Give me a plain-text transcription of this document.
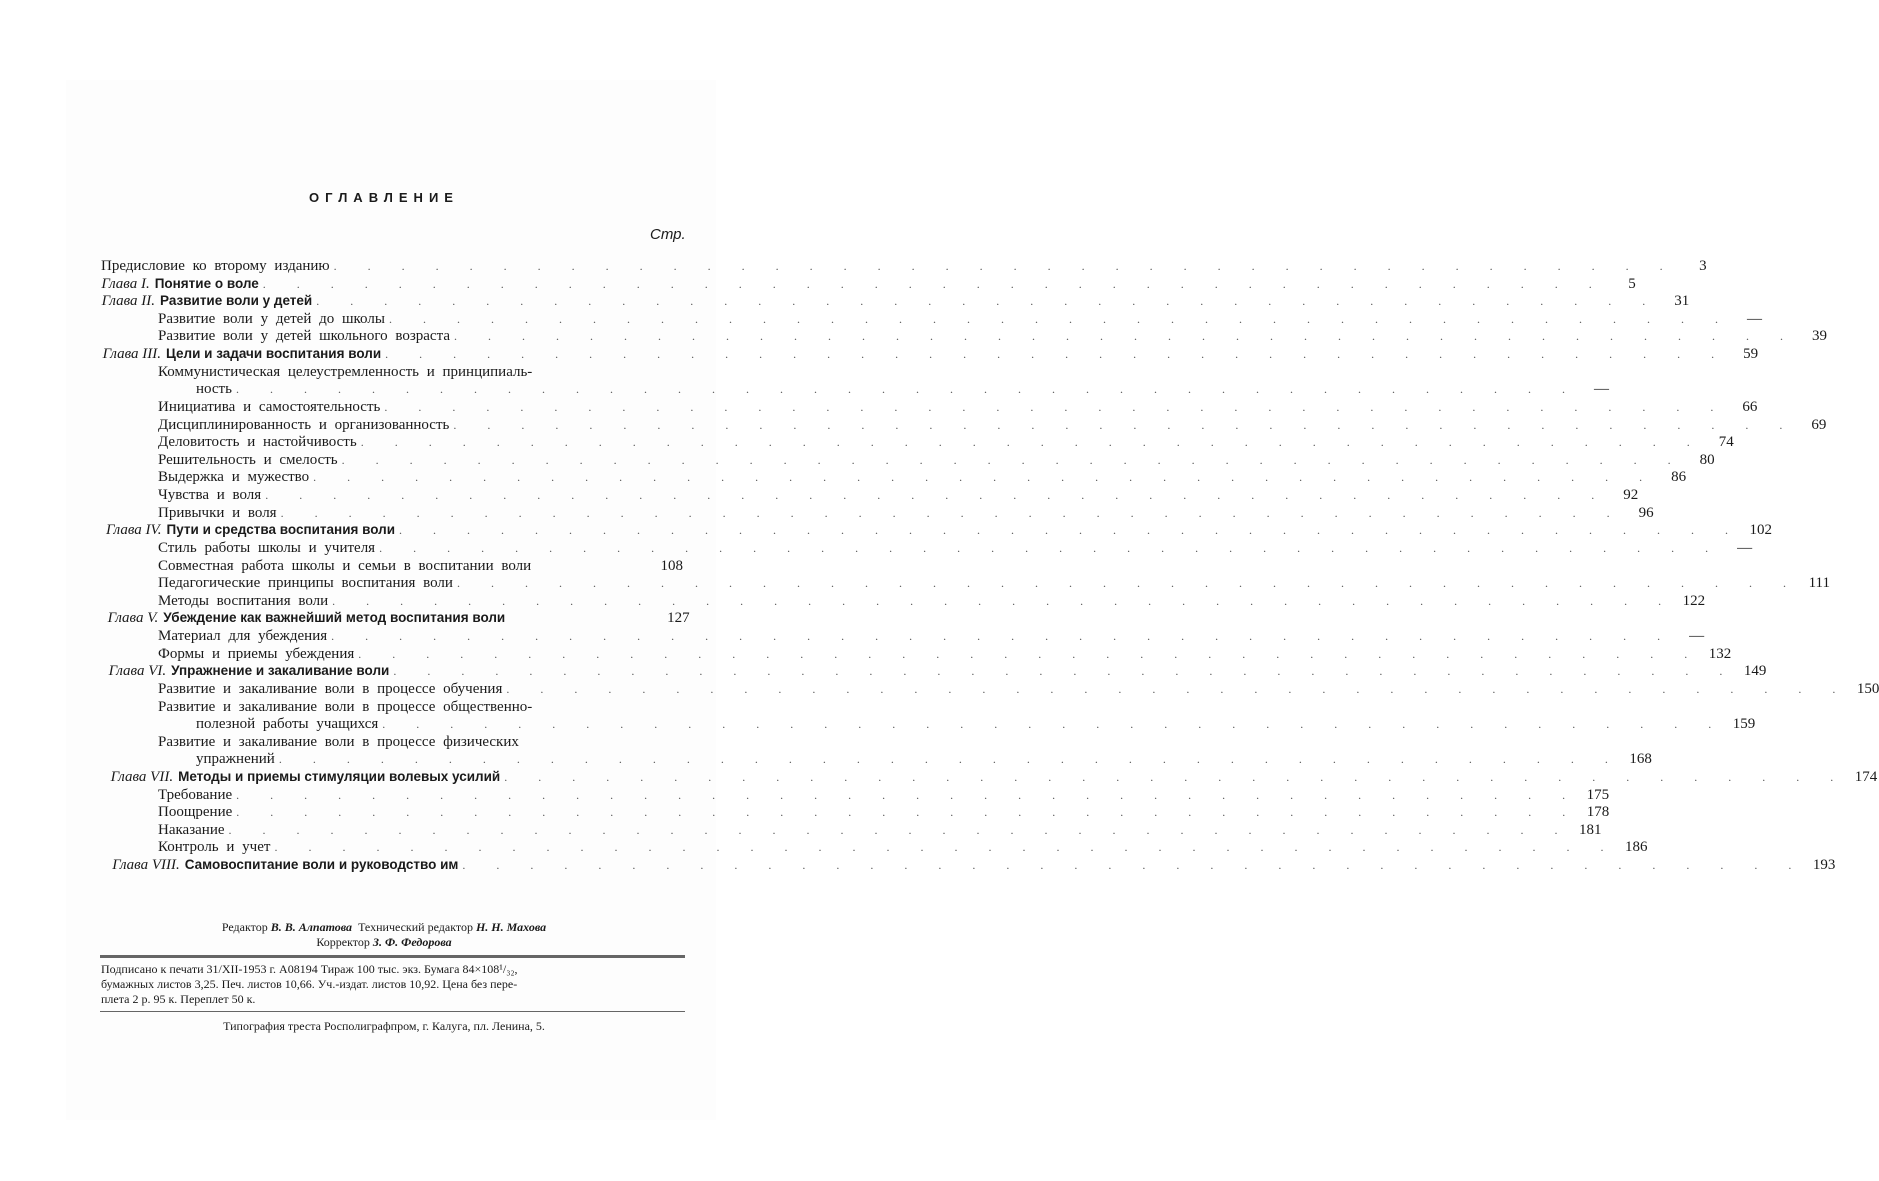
ОГЛАВЛЕНИЕ
Стр.
Предисловие ко второму изданию . . . . . . . . . . . . . . . . . . . . . . . . . . . . . . . . . . . . . . . .	3
Глава I. Понятие о воле . . . . . . . . . . . . . . . . . . . . . . . . . . . . . . . . . . . . . . . .	5
Глава II. Развитие воли у детей . . . . . . . . . . . . . . . . . . . . . . . . . . . . . . . . . . . . . . . .	31
Развитие воли у детей до школы . . . . . . . . . . . . . . . . . . . . . . . . . . . . . . . . . . . . . . . .	—
Развитие воли у детей школьного возраста . . . . . . . . . . . . . . . . . . . . . . . . . . . . . . . . . . . . . . . .	39
Глава III. Цели и задачи воспитания воли . . . . . . . . . . . . . . . . . . . . . . . . . . . . . . . . . . . . . . . .	59
Коммунистическая целеустремленность и принципиаль-
ность . . . . . . . . . . . . . . . . . . . . . . . . . . . . . . . . . . . . . . . .	—
Инициатива и самостоятельность . . . . . . . . . . . . . . . . . . . . . . . . . . . . . . . . . . . . . . . .	66
Дисциплинированность и организованность . . . . . . . . . . . . . . . . . . . . . . . . . . . . . . . . . . . . . . . .	69
Деловитость и настойчивость . . . . . . . . . . . . . . . . . . . . . . . . . . . . . . . . . . . . . . . .	74
Решительность и смелость . . . . . . . . . . . . . . . . . . . . . . . . . . . . . . . . . . . . . . . .	80
Выдержка и мужество . . . . . . . . . . . . . . . . . . . . . . . . . . . . . . . . . . . . . . . .	86
Чувства и воля . . . . . . . . . . . . . . . . . . . . . . . . . . . . . . . . . . . . . . . .	92
Привычки и воля . . . . . . . . . . . . . . . . . . . . . . . . . . . . . . . . . . . . . . . .	96
Глава IV. Пути и средства воспитания воли . . . . . . . . . . . . . . . . . . . . . . . . . . . . . . . . . . . . . . . . 102
Стиль работы школы и учителя . . . . . . . . . . . . . . . . . . . . . . . . . . . . . . . . . . . . . . . .	—
Совместная работа школы и семьи в воспитании воли	108
Педагогические принципы воспитания воли . . . . . . . . . . . . . . . . . . . . . . . . . . . . . . . . . . . . . . . . 111
Методы воспитания воли . . . . . . . . . . . . . . . . . . . . . . . . . . . . . . . . . . . . . . . . 122
Глава V. Убеждение как важнейший метод воспитания воли	127
Материал для убеждения . . . . . . . . . . . . . . . . . . . . . . . . . . . . . . . . . . . . . . . .	—
Формы и приемы убеждения . . . . . . . . . . . . . . . . . . . . . . . . . . . . . . . . . . . . . . . . 132
Глава VI. Упражнение и закаливание воли . . . . . . . . . . . . . . . . . . . . . . . . . . . . . . . . . . . . . . . . 149
Развитие и закаливание воли в процессе обучения . . . . . . . . . . . . . . . . . . . . . . . . . . . . . . . . . . . . . . . . 150
Развитие и закаливание воли в процессе общественно-
полезной работы учащихся . . . . . . . . . . . . . . . . . . . . . . . . . . . . . . . . . . . . . . . . 159
Развитие и закаливание воли в процессе физических
упражнений . . . . . . . . . . . . . . . . . . . . . . . . . . . . . . . . . . . . . . . . 168
Глава VII. Методы и приемы стимуляции волевых усилий . . . . . . . . . . . . . . . . . . . . . . . . . . . . . . . . . . . . . . . . 174
Требование . . . . . . . . . . . . . . . . . . . . . . . . . . . . . . . . . . . . . . . . 175
Поощрение . . . . . . . . . . . . . . . . . . . . . . . . . . . . . . . . . . . . . . . . 178
Наказание . . . . . . . . . . . . . . . . . . . . . . . . . . . . . . . . . . . . . . . . 181
Контроль и учет . . . . . . . . . . . . . . . . . . . . . . . . . . . . . . . . . . . . . . . . 186
Глава VIII. Самовоспитание воли и руководство им . . . . . . . . . . . . . . . . . . . . . . . . . . . . . . . . . . . . . . . . 193
Редактор В. В. Алпатова Технический редактор Н. Н. Махова
Корректор З. Ф. Федорова
Подписано к печати 31/XII-1953 г. А08194 Тираж 100 тыс. экз. Бумага 84×108¹/₃₂,
бумажных листов 3,25. Печ. листов 10,66. Уч.-издат. листов 10,92. Цена без пере-
плета 2 р. 95 к. Переплет 50 к.
Типография треста Росполиграфпром, г. Калуга, пл. Ленина, 5.
